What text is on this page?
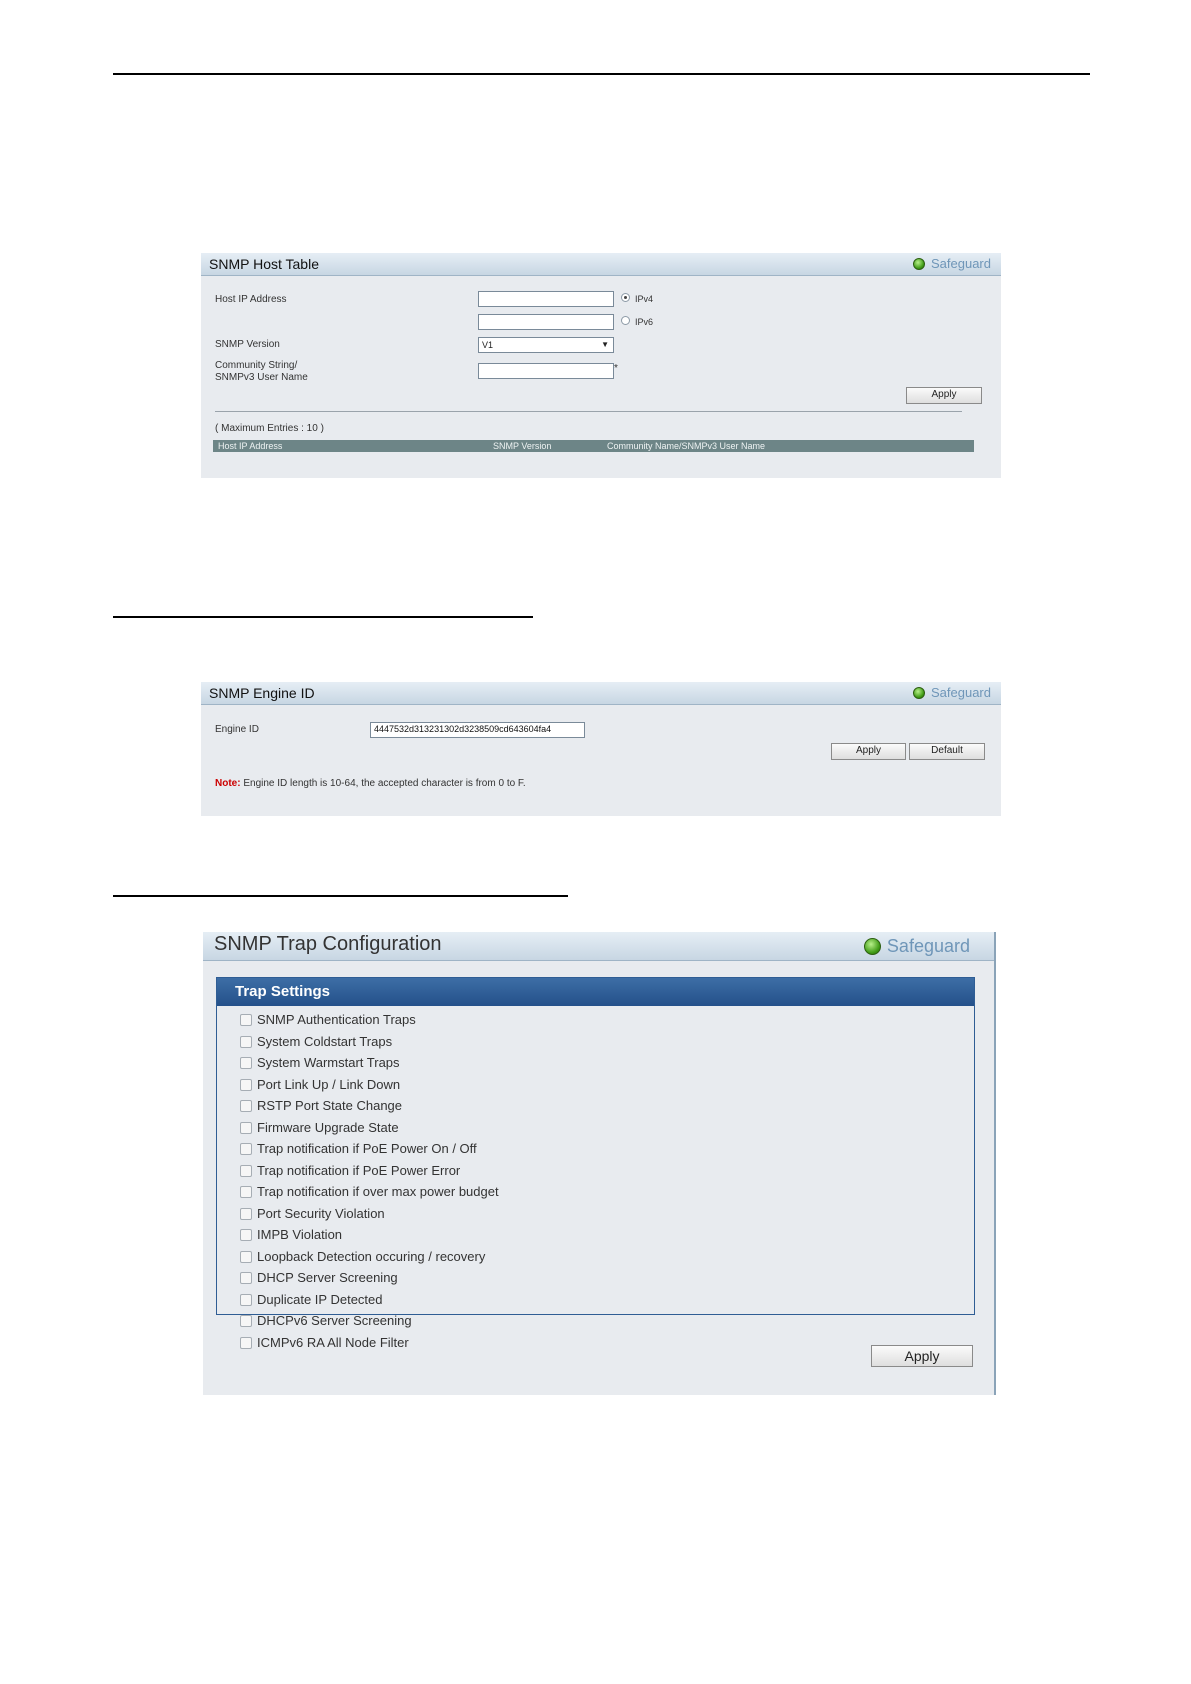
SNMP Host Table	Safeguard
Host IP Address	IPv4
IPv6
SNMP Version	V1	▼
Community String/
SNMPv3 User Name
*
Apply
( Maximum Entries : 10 )
Host IP Address	SNMP Version	Community Name/SNMPv3 User Name
SNMP Engine ID	Safeguard
Engine ID	4447532d313231302d3238509cd643604fa4
Apply	Default
Note: Engine ID length is 10-64, the accepted character is from 0 to F.
SNMP Trap Configuration	Safeguard
Trap Settings
SNMP Authentication Traps
System Coldstart Traps
System Warmstart Traps
Port Link Up / Link Down
RSTP Port State Change
Firmware Upgrade State
Trap notification if PoE Power On / Off
Trap notification if PoE Power Error
Trap notification if over max power budget
Port Security Violation
IMPB Violation
Loopback Detection occuring / recovery
DHCP Server Screening
Duplicate IP Detected
DHCPv6 Server Screening
ICMPv6 RA All Node Filter
Apply
